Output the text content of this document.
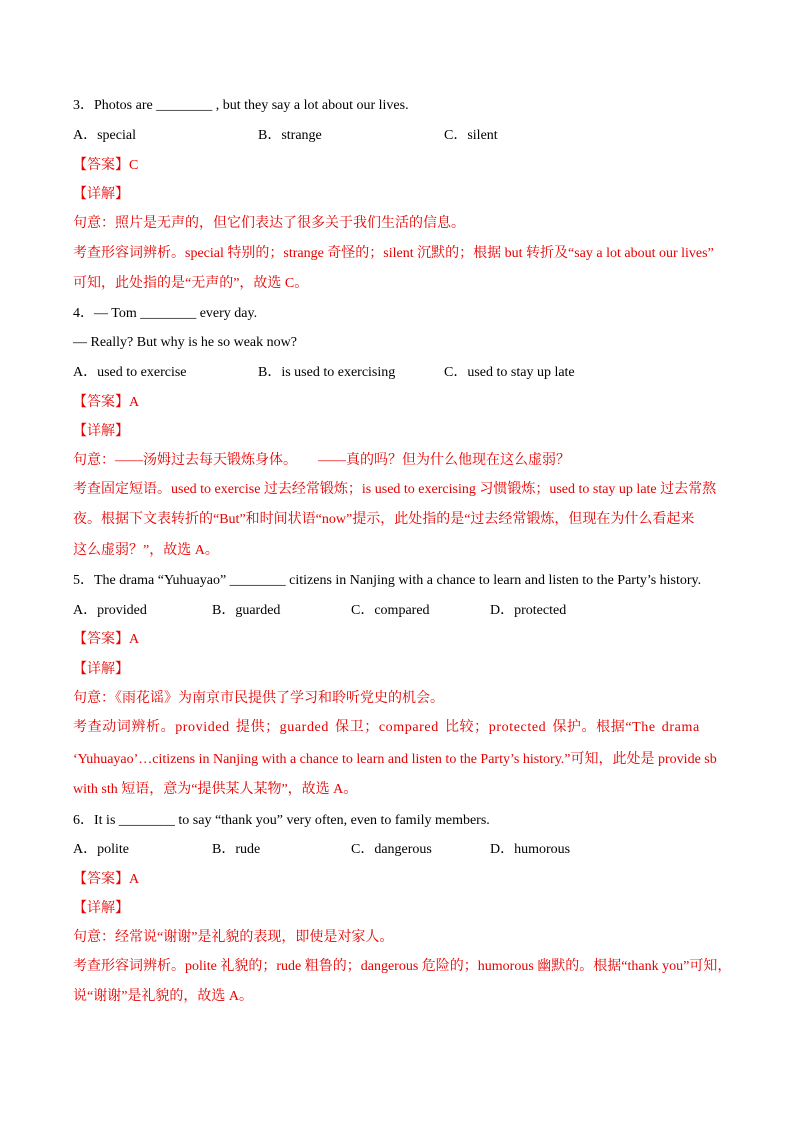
3．Photos are ________ , but they say a lot about our lives.
A．special	B．strange	C．silent
【答案】C
【详解】
句意：照片是无声的，但它们表达了很多关于我们生活的信息。
考查形容词辨析。special 特别的；strange 奇怪的；silent 沉默的；根据 but 转折及“say a lot about our lives”
可知，此处指的是“无声的”，故选 C。
4．— Tom ________ every day.
— Really? But why is he so weak now?
A．used to exercise	B．is used to exercising	C．used to stay up late
【答案】A
【详解】
句意：——汤姆过去每天锻炼身体。　　——真的吗？但为什么他现在这么虚弱？
考查固定短语。used to exercise 过去经常锻炼；is used to exercising 习惯锻炼；used to stay up late 过去常熬
夜。根据下文表转折的“But”和时间状语“now”提示，此处指的是“过去经常锻炼，但现在为什么看起来
这么虚弱？”，故选 A。
5．The drama “Yuhuayao” ________ citizens in Nanjing with a chance to learn and listen to the Party’s history.
A．provided	B．guarded	C．compared	D．protected
【答案】A
【详解】
句意：《雨花谣》为南京市民提供了学习和聆听党史的机会。
考查动词辨析。provided 提供；guarded 保卫；compared 比较；protected 保护。根据“The drama
‘Yuhuayao’…citizens in Nanjing with a chance to learn and listen to the Party’s history.”可知，此处是 provide sb
with sth 短语，意为“提供某人某物”，故选 A。
6．It is ________ to say “thank you” very often, even to family members.
A．polite	B．rude	C．dangerous	D．humorous
【答案】A
【详解】
句意：经常说“谢谢”是礼貌的表现，即使是对家人。
考查形容词辨析。polite 礼貌的；rude 粗鲁的；dangerous 危险的；humorous 幽默的。根据“thank you”可知，
说“谢谢”是礼貌的，故选 A。
